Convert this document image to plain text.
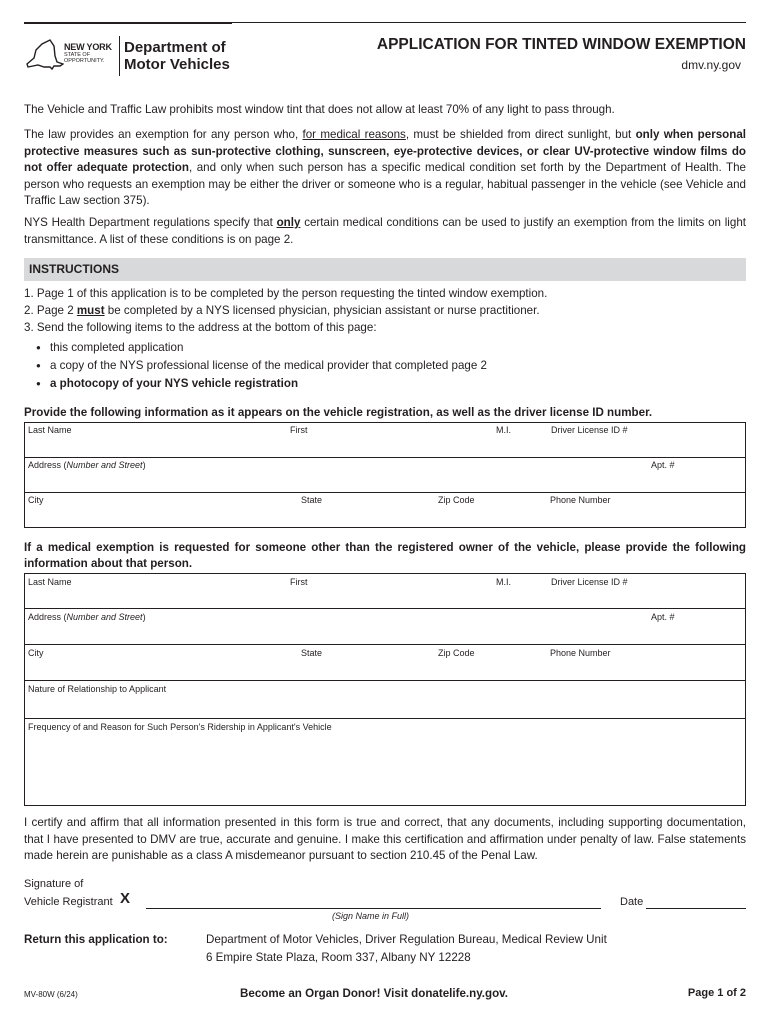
NEW YORK
STATE OF
OPPORTUNITY.
Department of
Motor Vehicles
APPLICATION FOR TINTED WINDOW EXEMPTION
dmv.ny.gov

The Vehicle and Traffic Law prohibits most window tint that does not allow at least 70% of any light to pass through.

The law provides an exemption for any person who, for medical reasons, must be shielded from direct sunlight, but only when personal protective measures such as sun-protective clothing, sunscreen, eye-protective devices, or clear UV-protective window films do not offer adequate protection, and only when such person has a specific medical condition set forth by the Department of Health. The person who requests an exemption may be either the driver or someone who is a regular, habitual passenger in the vehicle (see Vehicle and Traffic Law section 375).

NYS Health Department regulations specify that only certain medical conditions can be used to justify an exemption from the limits on light transmittance. A list of these conditions is on page 2.

INSTRUCTIONS
1. Page 1 of this application is to be completed by the person requesting the tinted window exemption.
2. Page 2 must be completed by a NYS licensed physician, physician assistant or nurse practitioner.
3. Send the following items to the address at the bottom of this page:
● this completed application
● a copy of the NYS professional license of the medical provider that completed page 2
● a photocopy of your NYS vehicle registration
Provide the following information as it appears on the vehicle registration, as well as the driver license ID number.
Last Name	First	M.I.	Driver License ID #
Address (Number and Street)	Apt. #
City	State	Zip Code	Phone Number
If a medical exemption is requested for someone other than the registered owner of the vehicle, please provide the following information about that person.
Last Name	First	M.I.	Driver License ID #
Address (Number and Street)	Apt. #
City	State	Zip Code	Phone Number
Nature of Relationship to Applicant
Frequency of and Reason for Such Person's Ridership in Applicant's Vehicle

I certify and affirm that all information presented in this form is true and correct, that any documents, including supporting documentation, that I have presented to DMV are true, accurate and genuine. I make this certification and affirmation under penalty of law. False statements made herein are punishable as a class A misdemeanor pursuant to section 210.45 of the Penal Law.

Signature of
Vehicle Registrant X
(Sign Name in Full)
Date
Return this application to:	Department of Motor Vehicles, Driver Regulation Bureau, Medical Review Unit
6 Empire State Plaza, Room 337, Albany NY 12228
MV-80W (6/24)	Become an Organ Donor! Visit donatelife.ny.gov.	Page 1 of 2
